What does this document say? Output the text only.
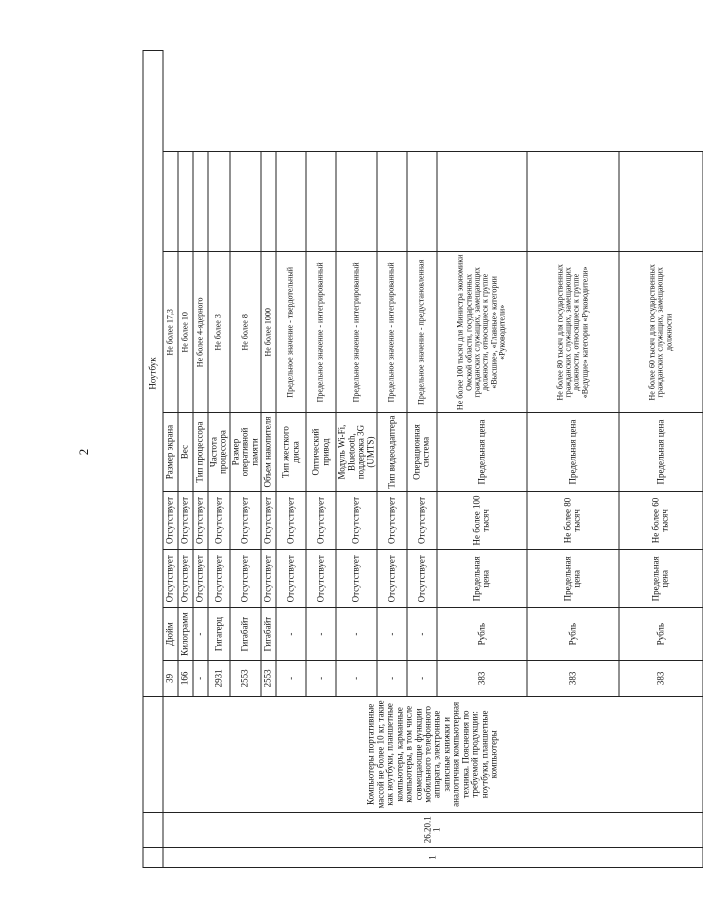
2
			Ноутбук						
1	26.20.11	Компьютеры портативные массой не более 10 кг, такие как ноутбуки, планшетные компьютеры, карманные компьютеры, в том числе совмещающие функции мобильного телефонного аппарата, электронные записные книжки и аналогичная компьютерная техника. Пояснения по требуемой продукции: ноутбуки, планшетные компьютеры	39	Дюйм	Отсутствует	Отсутствует	Размер экрана	Не более 17,3	
			166	Килограмм	Отсутствует	Отсутствует	Вес	Не более 10	
			-	-	Отсутствует	Отсутствует	Тип процессора	Не более 4-ядерного	
			2931	Гигагерц	Отсутствует	Отсутствует	Частота процессора	Не более 3	
			2553	Гигабайт	Отсутствует	Отсутствует	Размер оперативной памяти	Не более 8	
			2553	Гигабайт	Отсутствует	Отсутствует	Объем накопителя	Не более 1000	
			-	-	Отсутствует	Отсутствует	Тип жесткого диска	Предельное значение - твердотельный	
			-	-	Отсутствует	Отсутствует	Оптический привод	Предельное значение - интегрированный	
			-	-	Отсутствует	Отсутствует	Модуль Wi-Fi, Bluetooth, поддержка 3G (UMTS)	Предельное значение - интегрированный	
			-	-	Отсутствует	Отсутствует	Тип видеоадаптера	Предельное значение - интегрированный	
			-	-	Отсутствует	Отсутствует	Операционная система	Предельное значение - предустановленная	
			383	Рубль	Предельная цена	Не более 100 тысяч	Предельная цена	Не более 100 тысяч для Министра экономики Омской области, государственных гражданских служащих, замещающих должности, относящиеся к группе «Высшие», «Главные» категории «Руководители»	
			383	Рубль	Предельная цена	Не более 80 тысяч	Предельная цена	Не более 80 тысяч для государственных гражданских служащих, замещающих должности, относящиеся к группе «Ведущие» категории «Руководители»	
			383	Рубль	Предельная цена	Не более 60 тысяч	Предельная цена	Не более 60 тысяч для государственных гражданских служащих, замещающих должности	
